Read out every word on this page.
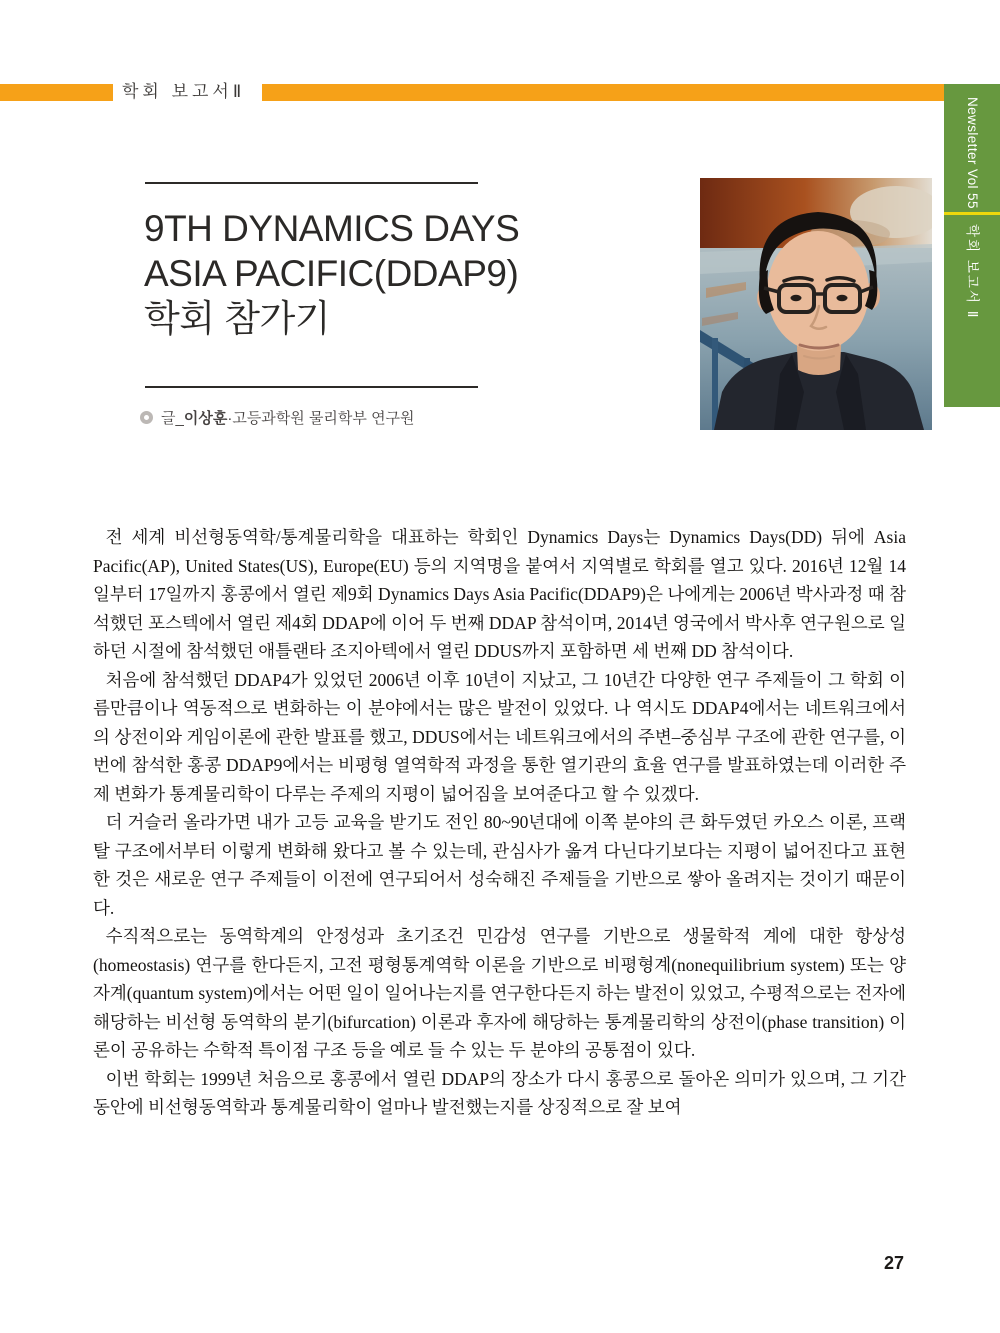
학회 보고서Ⅱ
Newsletter Vol 55
학회 보고서 Ⅱ
9TH DYNAMICS DAYS
ASIA PACIFIC(DDAP9)
학회 참가기
글_이상훈·고등과학원 물리학부 연구원

전 세계 비선형동역학/통계물리학을 대표하는 학회인 Dynamics Days는 Dynamics Days(DD) 뒤에 Asia Pacific(AP), United States(US), Europe(EU) 등의 지역명을 붙여서 지역별로 학회를 열고 있다. 2016년 12월 14일부터 17일까지 홍콩에서 열린 제9회 Dynamics Days Asia Pacific(DDAP9)은 나에게는 2006년 박사과정 때 참석했던 포스텍에서 열린 제4회 DDAP에 이어 두 번째 DDAP 참석이며, 2014년 영국에서 박사후 연구원으로 일하던 시절에 참석했던 애틀랜타 조지아텍에서 열린 DDUS까지 포함하면 세 번째 DD 참석이다.

처음에 참석했던 DDAP4가 있었던 2006년 이후 10년이 지났고, 그 10년간 다양한 연구 주제들이 그 학회 이름만큼이나 역동적으로 변화하는 이 분야에서는 많은 발전이 있었다. 나 역시도 DDAP4에서는 네트워크에서의 상전이와 게임이론에 관한 발표를 했고, DDUS에서는 네트워크에서의 주변–중심부 구조에 관한 연구를, 이번에 참석한 홍콩 DDAP9에서는 비평형 열역학적 과정을 통한 열기관의 효율 연구를 발표하였는데 이러한 주제 변화가 통계물리학이 다루는 주제의 지평이 넓어짐을 보여준다고 할 수 있겠다.

더 거슬러 올라가면 내가 고등 교육을 받기도 전인 80~90년대에 이쪽 분야의 큰 화두였던 카오스 이론, 프랙탈 구조에서부터 이렇게 변화해 왔다고 볼 수 있는데, 관심사가 옮겨 다닌다기보다는 지평이 넓어진다고 표현한 것은 새로운 연구 주제들이 이전에 연구되어서 성숙해진 주제들을 기반으로 쌓아 올려지는 것이기 때문이다.

수직적으로는 동역학계의 안정성과 초기조건 민감성 연구를 기반으로 생물학적 계에 대한 항상성(homeostasis) 연구를 한다든지, 고전 평형통계역학 이론을 기반으로 비평형계(nonequilibrium system) 또는 양자계(quantum system)에서는 어떤 일이 일어나는지를 연구한다든지 하는 발전이 있었고, 수평적으로는 전자에 해당하는 비선형 동역학의 분기(bifurcation) 이론과 후자에 해당하는 통계물리학의 상전이(phase transition) 이론이 공유하는 수학적 특이점 구조 등을 예로 들 수 있는 두 분야의 공통점이 있다.

이번 학회는 1999년 처음으로 홍콩에서 열린 DDAP의 장소가 다시 홍콩으로 돌아온 의미가 있으며, 그 기간 동안에 비선형동역학과 통계물리학이 얼마나 발전했는지를 상징적으로 잘 보여

27
